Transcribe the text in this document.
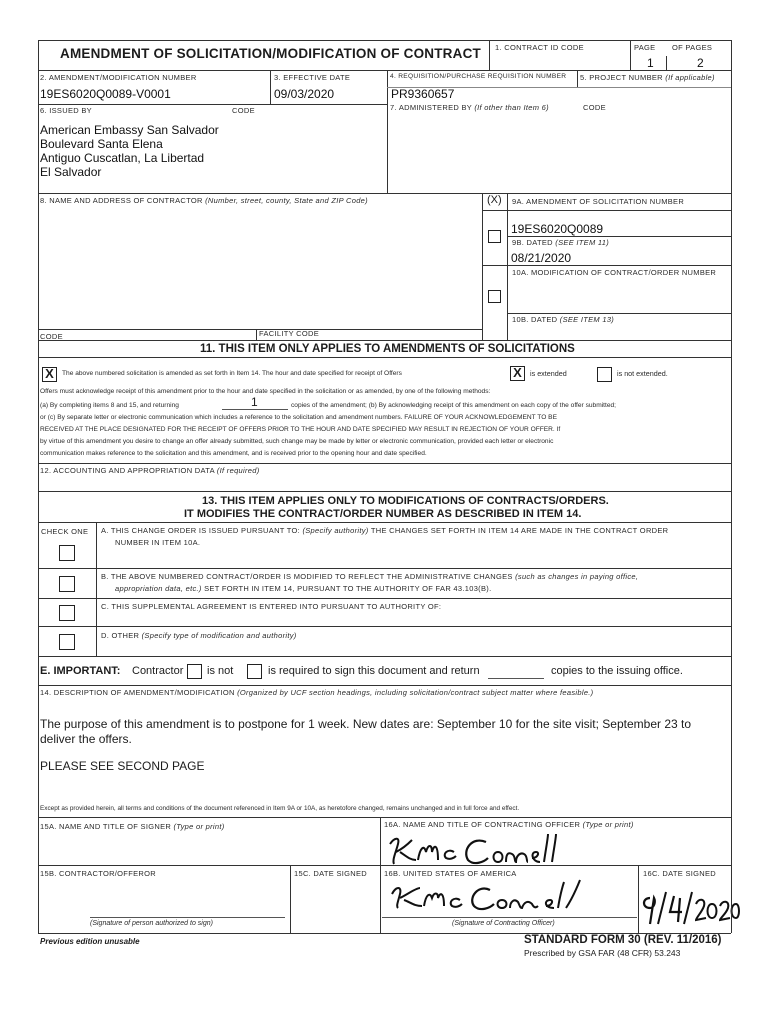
AMENDMENT OF SOLICITATION/MODIFICATION OF CONTRACT 1. CONTRACT ID CODE	PAGE OF PAGES
1	2
2. AMENDMENT/MODIFICATION NUMBER
19ES6020Q0089-V0001
3. EFFECTIVE DATE
09/03/2020
4. REQUISITION/PURCHASE REQUISITION NUMBER
PR9360657
5. PROJECT NUMBER (If applicable)
6. ISSUED BY	CODE	7. ADMINISTERED BY (If other than Item 6)	CODE
American Embassy San Salvador
Boulevard Santa Elena
Antiguo Cuscatlan, La Libertad
El Salvador
8. NAME AND ADDRESS OF CONTRACTOR (Number, street, county, State and ZIP Code)	(X) 9A. AMENDMENT OF SOLICITATION NUMBER
19ES6020Q0089
9B. DATED (SEE ITEM 11)
08/21/2020
10A. MODIFICATION OF CONTRACT/ORDER NUMBER
10B. DATED (SEE ITEM 13)
CODE	FACILITY CODE
11. THIS ITEM ONLY APPLIES TO AMENDMENTS OF SOLICITATIONS
X	The above numbered solicitation is amended as set forth in Item 14. The hour and date specified for receipt of Offers	X	is extended	is not extended.
Offers must acknowledge receipt of this amendment prior to the hour and date specified in the solicitation or as amended, by one of the following methods:
(a) By completing items 8 and 15, and returning	1	copies of the amendment; (b) By acknowledging receipt of this amendment on each copy of the offer submitted;
or (c) By separate letter or electronic communication which includes a reference to the solicitation and amendment numbers. FAILURE OF YOUR ACKNOWLEDGEMENT TO BE
RECEIVED AT THE PLACE DESIGNATED FOR THE RECEIPT OF OFFERS PRIOR TO THE HOUR AND DATE SPECIFIED MAY RESULT IN REJECTION OF YOUR OFFER. If
by virtue of this amendment you desire to change an offer already submitted, such change may be made by letter or electronic communication, provided each letter or electronic
communication makes reference to the solicitation and this amendment, and is received prior to the opening hour and date specified.
12. ACCOUNTING AND APPROPRIATION DATA (If required)
13. THIS ITEM APPLIES ONLY TO MODIFICATIONS OF CONTRACTS/ORDERS.
IT MODIFIES THE CONTRACT/ORDER NUMBER AS DESCRIBED IN ITEM 14.
CHECK ONE A. THIS CHANGE ORDER IS ISSUED PURSUANT TO: (Specify authority) THE CHANGES SET FORTH IN ITEM 14 ARE MADE IN THE CONTRACT ORDER
NUMBER IN ITEM 10A.
B. THE ABOVE NUMBERED CONTRACT/ORDER IS MODIFIED TO REFLECT THE ADMINISTRATIVE CHANGES (such as changes in paying office,
appropriation data, etc.) SET FORTH IN ITEM 14, PURSUANT TO THE AUTHORITY OF FAR 43.103(B).
C. THIS SUPPLEMENTAL AGREEMENT IS ENTERED INTO PURSUANT TO AUTHORITY OF:
D. OTHER (Specify type of modification and authority)
E. IMPORTANT: Contractor is not	is required to sign this document and return	copies to the issuing office.
14. DESCRIPTION OF AMENDMENT/MODIFICATION (Organized by UCF section headings, including solicitation/contract subject matter where feasible.)
The purpose of this amendment is to postpone for 1 week. New dates are: September 10 for the site visit; September 23 to
deliver the offers.
PLEASE SEE SECOND PAGE
Except as provided herein, all terms and conditions of the document referenced in Item 9A or 10A, as heretofore changed, remains unchanged and in full force and effect.
15A. NAME AND TITLE OF SIGNER (Type or print)	16A. NAME AND TITLE OF CONTRACTING OFFICER (Type or print)
15B. CONTRACTOR/OFFEROR	15C. DATE SIGNED 16B. UNITED STATES OF AMERICA	16C. DATE SIGNED
(Signature of person authorized to sign)	(Signature of Contracting Officer)
Previous edition unusable	STANDARD FORM 30 (REV. 11/2016)
Prescribed by GSA FAR (48 CFR) 53.243
